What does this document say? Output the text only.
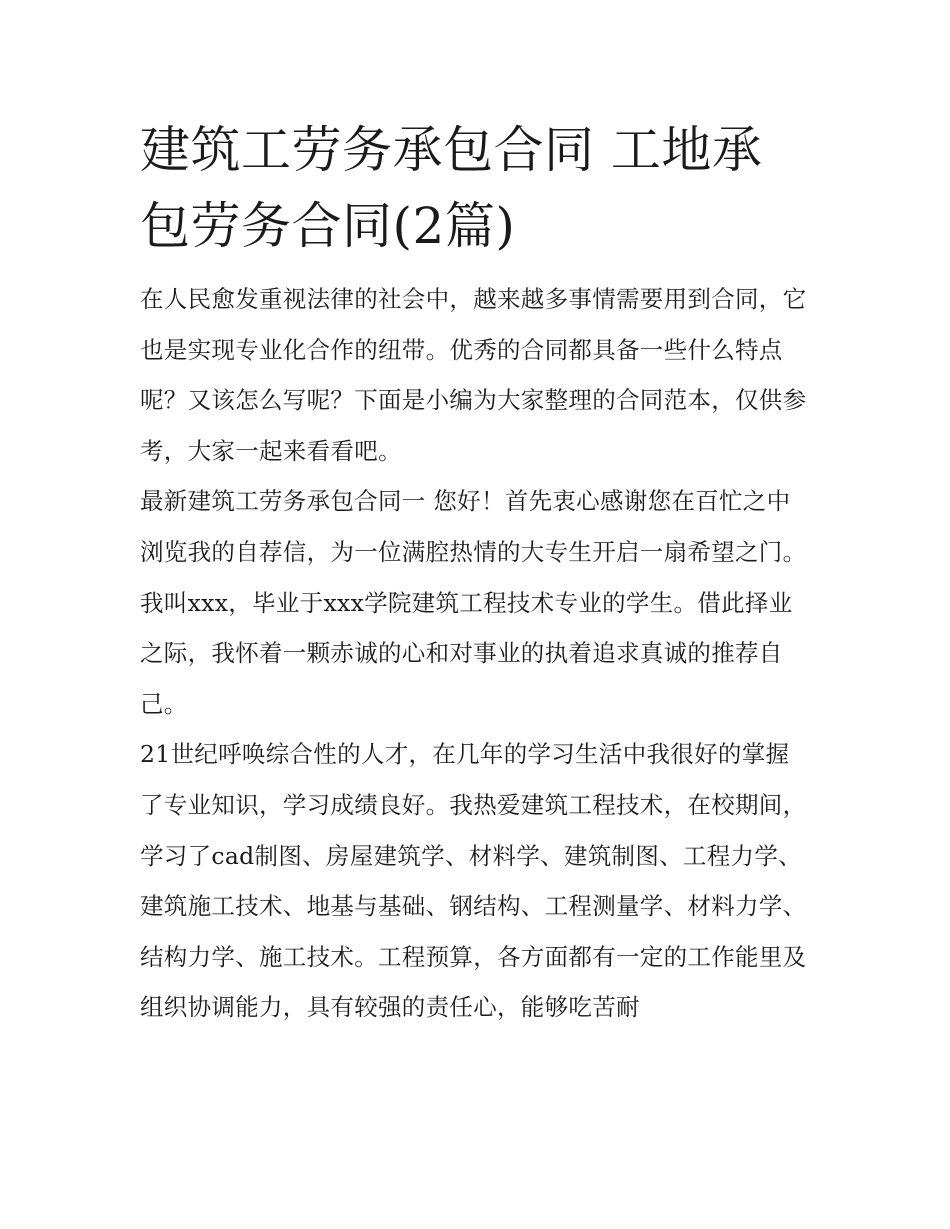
建筑工劳务承包合同 工地承包劳务合同(2篇)

在人民愈发重视法律的社会中，越来越多事情需要用到合同，它也是实现专业化合作的纽带。优秀的合同都具备一些什么特点呢？又该怎么写呢？下面是小编为大家整理的合同范本，仅供参考，大家一起来看看吧。

最新建筑工劳务承包合同一 您好！首先衷心感谢您在百忙之中浏览我的自荐信，为一位满腔热情的大专生开启一扇希望之门。

我叫xxx，毕业于xxx学院建筑工程技术专业的学生。借此择业之际，我怀着一颗赤诚的心和对事业的执着追求真诚的推荐自己。

21世纪呼唤综合性的人才，在几年的学习生活中我很好的掌握了专业知识，学习成绩良好。我热爱建筑工程技术，在校期间，学习了cad制图、房屋建筑学、材料学、建筑制图、工程力学、建筑施工技术、地基与基础、钢结构、工程测量学、材料力学、结构力学、施工技术。工程预算，各方面都有一定的工作能里及组织协调能力，具有较强的责任心，能够吃苦耐
